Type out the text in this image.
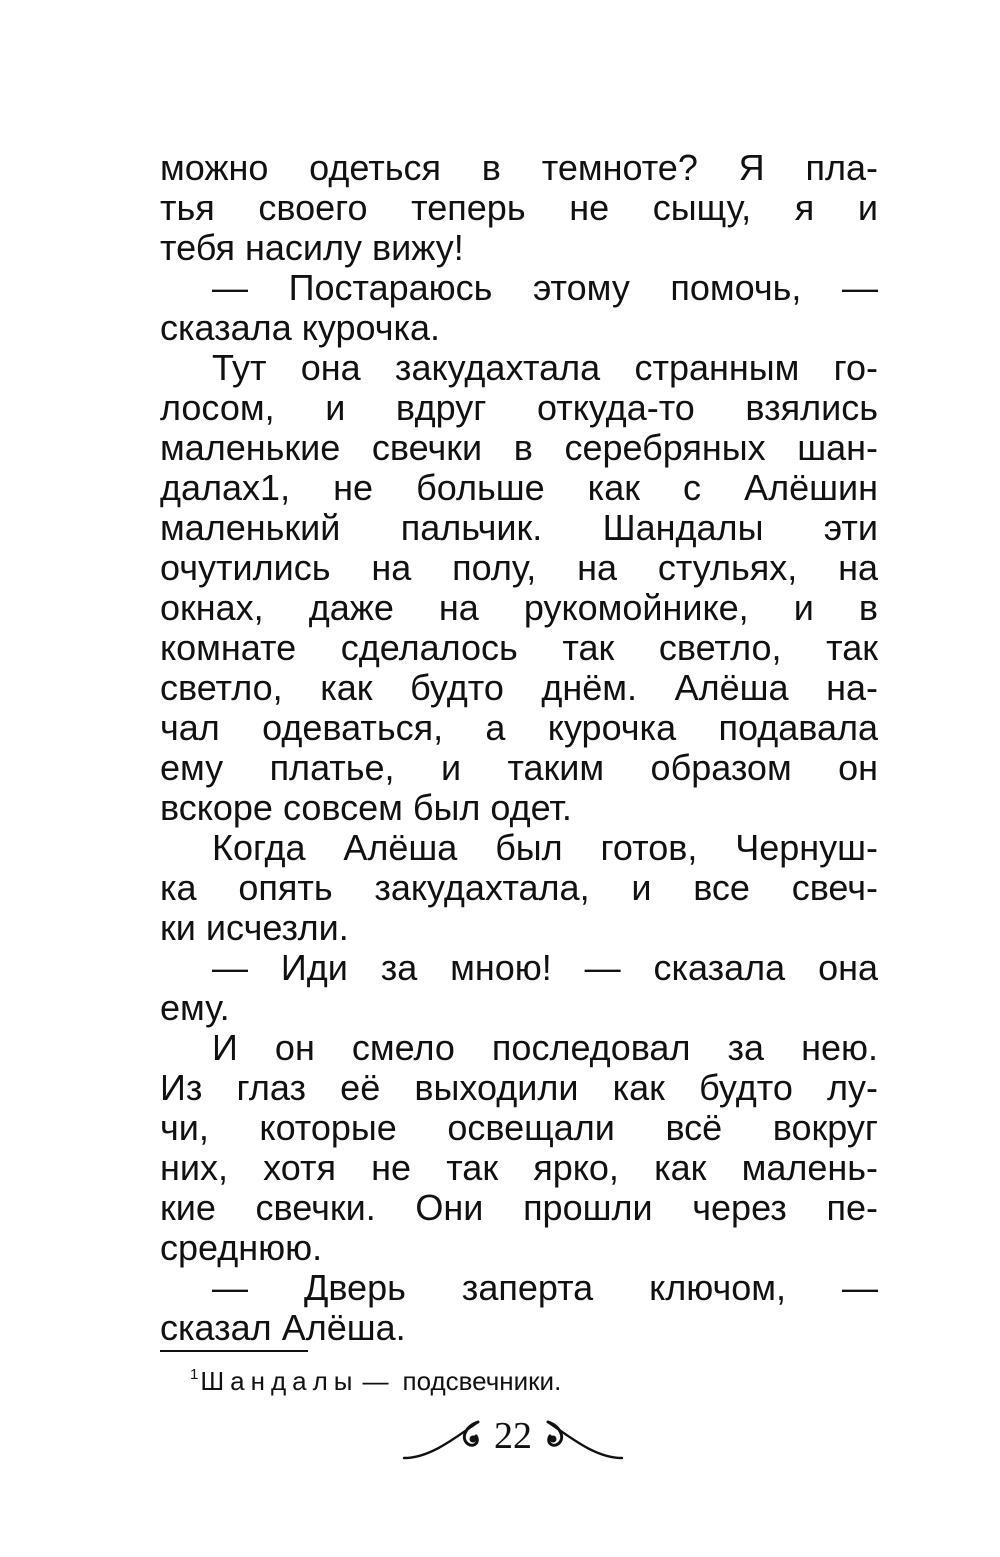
можно одеться в темноте? Я пла-
тья своего теперь не сыщу, я и
тебя насилу вижу!
— Постараюсь этому помочь, —
сказала курочка.
Тут она закудахтала странным го-
лосом, и вдруг откуда-то взялись
маленькие свечки в серебряных шан-
далах1, не больше как с Алёшин
маленький пальчик. Шандалы эти
очутились на полу, на стульях, на
окнах, даже на рукомойнике, и в
комнате сделалось так светло, так
светло, как будто днём. Алёша на-
чал одеваться, а курочка подавала
ему платье, и таким образом он
вскоре совсем был одет.
Когда Алёша был готов, Чернуш-
ка опять закудахтала, и все свеч-
ки исчезли.
— Иди за мною! — сказала она
ему.
И он смело последовал за нею.
Из глаз её выходили как будто лу-
чи, которые освещали всё вокруг
них, хотя не так ярко, как малень-
кие свечки. Они прошли через пе-
среднюю.
— Дверь заперта ключом, —
сказал Алёша.
$^1$Шандалы — подсвечники.
22
